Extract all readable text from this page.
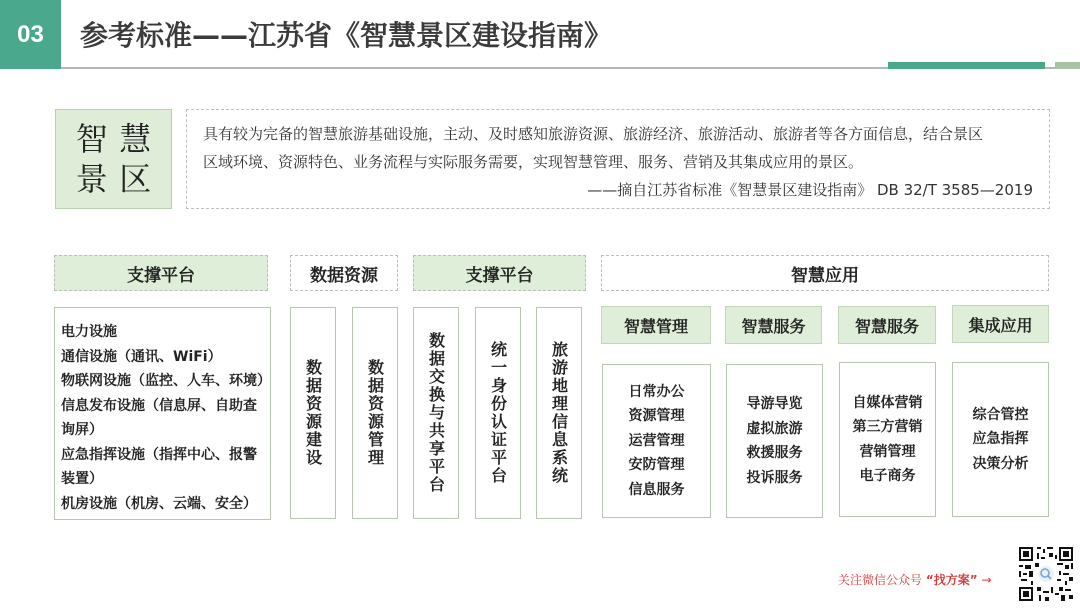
03	参考标准——江苏省《智慧景区建设指南》
智 慧
景 区
具有较为完备的智慧旅游基础设施，主动、及时感知旅游资源、旅游经济、旅游活动、旅游者等各方面信息，结合景区
区域环境、资源特色、业务流程与实际服务需要，实现智慧管理、服务、营销及其集成应用的景区。
——摘自江苏省标准《智慧景区建设指南》 DB 32/T 3585—2019
支撑平台	数据资源	支撑平台	智慧应用
电力设施
通信设施（通讯、WiFi）
物联网设施（监控、人车、环境）
信息发布设施（信息屏、自助查
询屏）
应急指挥设施（指挥中心、报警
装置）
机房设施（机房、云端、安全）
数据资源建设	数据资源管理	数据交换与共享平台	统一身份认证平台	旅游地理信息系统
智慧管理	智慧服务	智慧服务	集成应用
日常办公
资源管理
运营管理
安防管理
信息服务
导游导览
虚拟旅游
救援服务
投诉服务
自媒体营销
第三方营销
营销管理
电子商务
综合管控
应急指挥
决策分析
关注微信公众号 “找方案” →
